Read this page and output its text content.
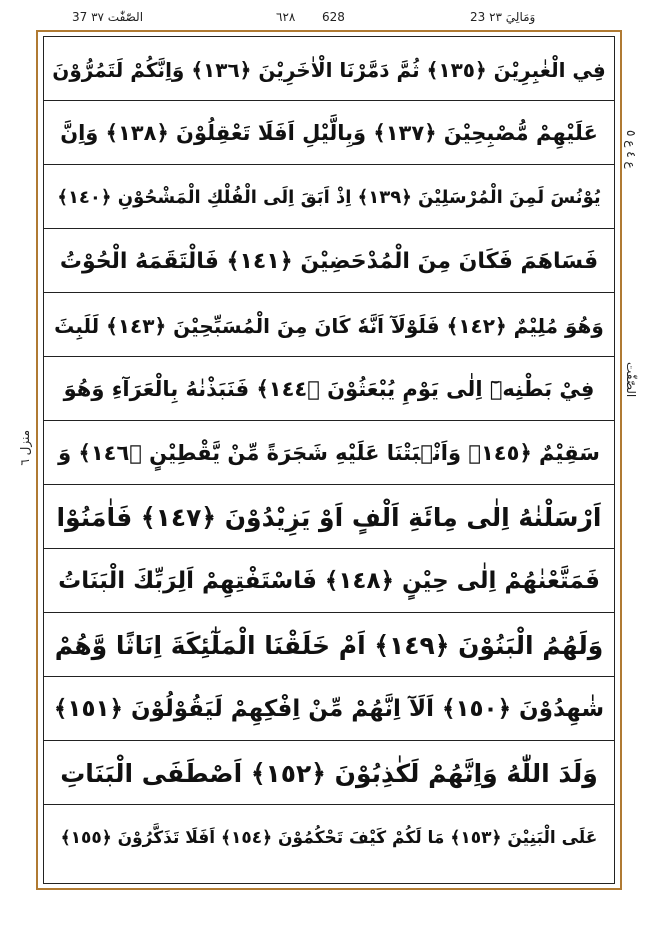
23 وَمَالِيَ ٢٣
٦٢٨ 628
37 الصّٰفّٰت ٣٧
ع ٤ ع ٥
الصّٰفّٰت
منزل ٦
فِي الْغٰبِرِيْنَ ﴿١٣٥﴾ ثُمَّ دَمَّرْنَا الْاٰخَرِيْنَ ﴿١٣٦﴾ وَاِنَّكُمْ لَتَمُرُّوْنَ
عَلَيْهِمْ مُّصْبِحِيْنَ ﴿١٣٧﴾ وَبِالَّيْلِ اَفَلَا تَعْقِلُوْنَ ﴿١٣٨﴾ وَاِنَّ
يُوْنُسَ لَمِنَ الْمُرْسَلِيْنَ ﴿١٣٩﴾ اِذْ اَبَقَ اِلَى الْفُلْكِ الْمَشْحُوْنِ ﴿١٤٠﴾
فَسَاهَمَ فَكَانَ مِنَ الْمُدْحَضِيْنَ ﴿١٤١﴾ فَالْتَقَمَهُ الْحُوْتُ
وَهُوَ مُلِيْمٌ ﴿١٤٢﴾ فَلَوْلَآ اَنَّهٗ كَانَ مِنَ الْمُسَبِّحِيْنَ ﴿١٤٣﴾ لَلَبِثَ
فِيْ بَطْنِهٖٓ اِلٰى يَوْمِ يُبْعَثُوْنَ ﴿١٤٤﴾ فَنَبَذْنٰهُ بِالْعَرَآءِ وَهُوَ
سَقِيْمٌ ﴿١٤٥﴾ وَاَنْۢبَتْنَا عَلَيْهِ شَجَرَةً مِّنْ يَّقْطِيْنٍ ﴿١٤٦﴾ وَ
اَرْسَلْنٰهُ اِلٰى مِائَةِ اَلْفٍ اَوْ يَزِيْدُوْنَ ﴿١٤٧﴾ فَاٰمَنُوْا
فَمَتَّعْنٰهُمْ اِلٰى حِيْنٍ ﴿١٤٨﴾ فَاسْتَفْتِهِمْ اَلِرَبِّكَ الْبَنَاتُ
وَلَهُمُ الْبَنُوْنَ ﴿١٤٩﴾ اَمْ خَلَقْنَا الْمَلٰٓئِكَةَ اِنَاثًا وَّهُمْ
شٰهِدُوْنَ ﴿١٥٠﴾ اَلَآ اِنَّهُمْ مِّنْ اِفْكِهِمْ لَيَقُوْلُوْنَ ﴿١٥١﴾
وَلَدَ اللّٰهُ وَاِنَّهُمْ لَكٰذِبُوْنَ ﴿١٥٢﴾ اَصْطَفَى الْبَنَاتِ
عَلَى الْبَنِيْنَ ﴿١٥٣﴾ مَا لَكُمْ كَيْفَ تَحْكُمُوْنَ ﴿١٥٤﴾ اَفَلَا تَذَكَّرُوْنَ ﴿١٥٥﴾
